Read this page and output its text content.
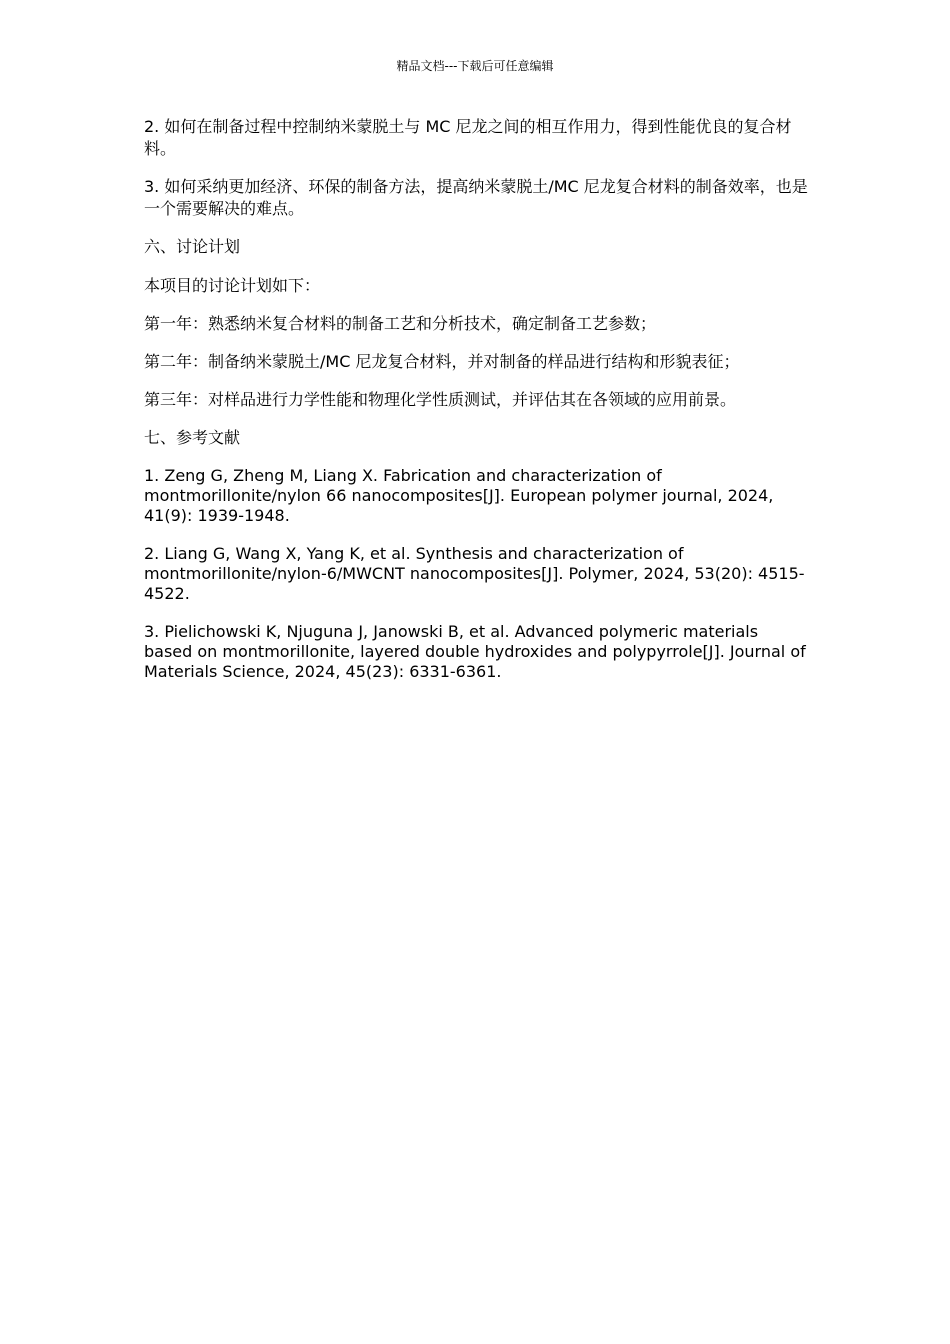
精品文档---下载后可任意编辑

2. 如何在制备过程中控制纳米蒙脱土与 MC 尼龙之间的相互作用力，得到性能优良的复合材料。

3. 如何采纳更加经济、环保的制备方法，提高纳米蒙脱土/MC 尼龙复合材料的制备效率，也是一个需要解决的难点。

六、讨论计划

本项目的讨论计划如下：

第一年：熟悉纳米复合材料的制备工艺和分析技术，确定制备工艺参数；

第二年：制备纳米蒙脱土/MC 尼龙复合材料，并对制备的样品进行结构和形貌表征；

第三年：对样品进行力学性能和物理化学性质测试，并评估其在各领域的应用前景。

七、参考文献

1. Zeng G, Zheng M, Liang X. Fabrication and characterization of montmorillonite/nylon 66 nanocomposites[J]. European polymer journal, 2024, 41(9): 1939-1948.

2. Liang G, Wang X, Yang K, et al. Synthesis and characterization of montmorillonite/nylon-6/MWCNT nanocomposites[J]. Polymer, 2024, 53(20): 4515-4522.

3. Pielichowski K, Njuguna J, Janowski B, et al. Advanced polymeric materials based on montmorillonite, layered double hydroxides and polypyrrole[J]. Journal of Materials Science, 2024, 45(23): 6331-6361.
